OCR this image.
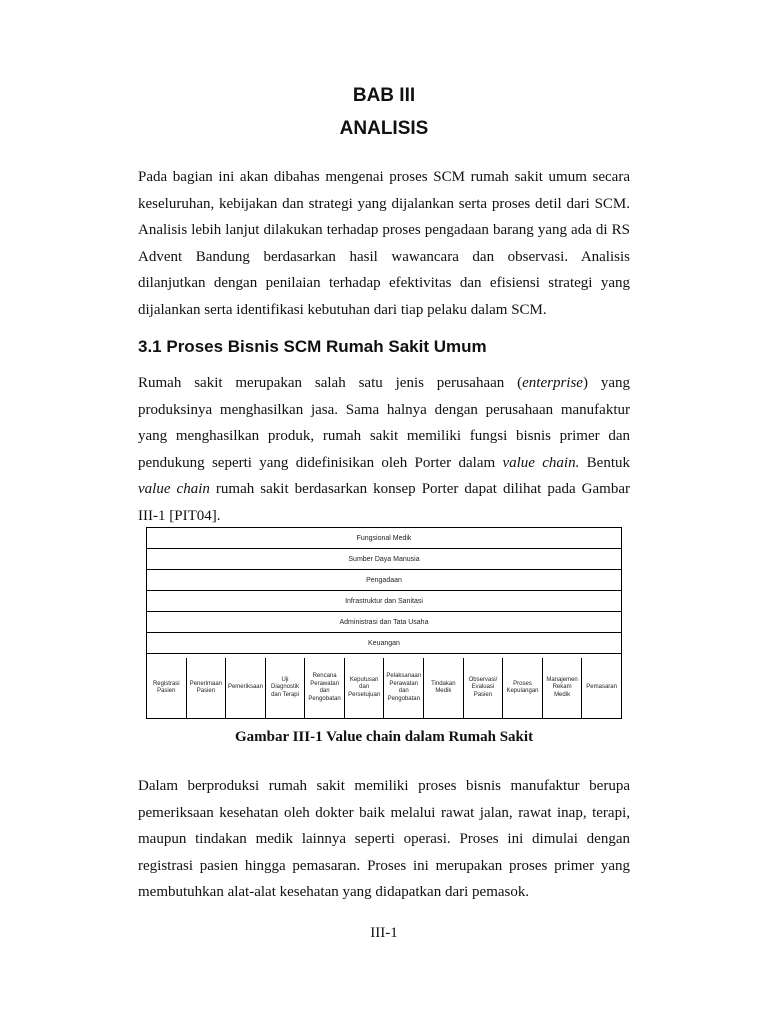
BAB III
ANALISIS

Pada bagian ini akan dibahas mengenai proses SCM rumah sakit umum secara keseluruhan, kebijakan dan strategi yang dijalankan serta proses detil dari SCM. Analisis lebih lanjut dilakukan terhadap proses pengadaan barang yang ada di RS Advent Bandung berdasarkan hasil wawancara dan observasi. Analisis dilanjutkan dengan penilaian terhadap efektivitas dan efisiensi strategi yang dijalankan serta identifikasi kebutuhan dari tiap pelaku dalam SCM.

3.1 Proses Bisnis SCM Rumah Sakit Umum

Rumah sakit merupakan salah satu jenis perusahaan (enterprise) yang produksinya menghasilkan jasa. Sama halnya dengan perusahaan manufaktur yang menghasilkan produk, rumah sakit memiliki fungsi bisnis primer dan pendukung seperti yang didefinisikan oleh Porter dalam value chain. Bentuk value chain rumah sakit berdasarkan konsep Porter dapat dilihat pada Gambar III-1 [PIT04].

Fungsional Medik
Sumber Daya Manusia
Pengadaan
Infrastruktur dan Sanitasi
Administrasi dan Tata Usaha
Keuangan
Registrasi
Pasien
Penerimaan
Pasien
Pemeriksaan
Uji
Diagnostik
dan Terapi
Rencana
Perawatan
dan
Pengobatan
Keputusan
dan
Persetujuan
Pelaksanaan
Perawatan
dan
Pengobatan
Tindakan
Medik
Observasi/
Evaluasi
Pasien
Proses
Kepulangan
Manajemen
Rekam
Medik
Pemasaran

Gambar III-1 Value chain dalam Rumah Sakit

Dalam berproduksi rumah sakit memiliki proses bisnis manufaktur berupa pemeriksaan kesehatan oleh dokter baik melalui rawat jalan, rawat inap, terapi, maupun tindakan medik lainnya seperti operasi. Proses ini dimulai dengan registrasi pasien hingga pemasaran. Proses ini merupakan proses primer yang membutuhkan alat-alat kesehatan yang didapatkan dari pemasok.

III-1
